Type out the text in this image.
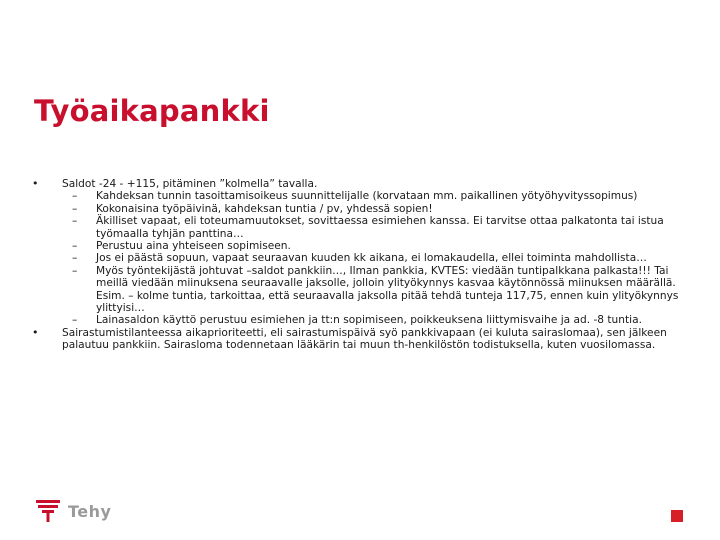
Työaikapankki
• Saldot -24 - +115, pitäminen ”kolmella” tavalla.
– Kahdeksan tunnin tasoittamisoikeus suunnittelijalle (korvataan mm. paikallinen yötyöhyvityssopimus)
– Kokonaisina työpäivinä, kahdeksan tuntia / pv, yhdessä sopien!
– Äkilliset vapaat, eli toteumamuutokset, sovittaessa esimiehen kanssa. Ei tarvitse ottaa palkatonta tai istua työmaalla tyhjän panttina…
– Perustuu aina yhteiseen sopimiseen.
– Jos ei päästä sopuun, vapaat seuraavan kuuden kk aikana, ei lomakaudella, ellei toiminta mahdollista…
– Myös työntekijästä johtuvat –saldot pankkiin…, Ilman pankkia, KVTES: viedään tuntipalkkana palkasta!!! Tai meillä viedään miinuksena seuraavalle jaksolle, jolloin ylityökynnys kasvaa käytönnössä miinuksen määrällä. Esim. – kolme tuntia, tarkoittaa, että seuraavalla jaksolla pitää tehdä tunteja 117,75, ennen kuin ylityökynnys ylittyisi…
– Lainasaldon käyttö perustuu esimiehen ja tt:n sopimiseen, poikkeuksena liittymisvaihe ja ad. -8 tuntia.
• Sairastumistilanteessa aikaprioriteetti, eli sairastumispäivä syö pankkivapaan (ei kuluta sairaslomaa), sen jälkeen palautuu pankkiin. Sairasloma todennetaan lääkärin tai muun th-henkilöstön todistuksella, kuten vuosilomassa.
Tehy
